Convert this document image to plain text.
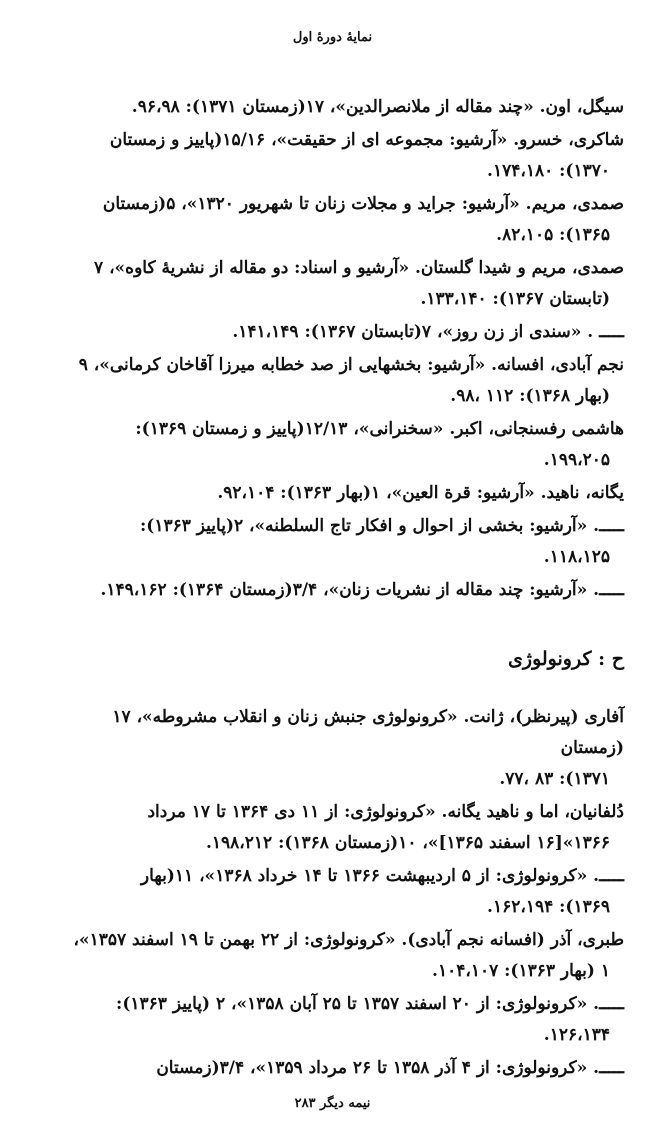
نمایهٔ دورهٔ اول
سیگل، اون. «چند مقاله از ملانصرالدین»، ۱۷(زمستان ۱۳۷۱): ۹۶،۹۸.
شاکری، خسرو. «آرشیو: مجموعه ای از حقیقت»، ۱۵/۱۶(پاییز و زمستان
۱۳۷۰): ۱۷۴،۱۸۰.
صمدی، مریم. «آرشیو: جراید و مجلات زنان تا شهریور ۱۳۲۰»، ۵(زمستان
۱۳۶۵): ۸۲،۱۰۵.
صمدی، مریم و شیدا گلستان. «آرشیو و اسناد: دو مقاله از نشریهٔ کاوه»، ۷
(تابستان ۱۳۶۷): ۱۳۳،۱۴۰.
ـــــ . «سندی از زن روز»، ۷(تابستان ۱۳۶۷): ۱۴۱،۱۴۹.
نجم آبادی، افسانه. «آرشیو: بخشهایی از صد خطابه میرزا آقاخان کرمانی»، ۹
(بهار ۱۳۶۸): ۱۱۲ ،۹۸.
هاشمی رفسنجانی، اکبر. «سخنرانی»، ۱۲/۱۳(پاییز و زمستان ۱۳۶۹):
۱۹۹،۲۰۵.
یگانه، ناهید. «آرشیو: قرة العین»، ۱(بهار ۱۳۶۳): ۹۲،۱۰۴.
ـــــ. «آرشیو: بخشی از احوال و افکار تاج السلطنه»، ۲(پاییز ۱۳۶۳):
۱۱۸،۱۲۵.
ـــــ. «آرشیو: چند مقاله از نشریات زنان»، ۳/۴(زمستان ۱۳۶۴): ۱۴۹،۱۶۲.
ح : کرونولوژی
آفاری (پیرنظر)، ژانت. «کرونولوژی جنبش زنان و انقلاب مشروطه»، ۱۷ (زمستان
۱۳۷۱): ۸۳ ،۷۷.
دُلفانیان، اما و ناهید یگانه. «کرونولوژی: از ۱۱ دی ۱۳۶۴ تا ۱۷ مرداد
۱۳۶۶»[۱۶ اسفند ۱۳۶۵]»، ۱۰(زمستان ۱۳۶۸): ۱۹۸،۲۱۲.
ـــــ. «کرونولوژی: از ۵ اردیبهشت ۱۳۶۶ تا ۱۴ خرداد ۱۳۶۸»، ۱۱(بهار
۱۳۶۹): ۱۶۲،۱۹۴.
طبری، آذر (افسانه نجم آبادی). «کرونولوژی: از ۲۲ بهمن تا ۱۹ اسفند ۱۳۵۷»،
۱ (بهار ۱۳۶۳): ۱۰۴،۱۰۷.
ـــــ. «کرونولوژی: از ۲۰ اسفند ۱۳۵۷ تا ۲۵ آبان ۱۳۵۸»، ۲ (پاییز ۱۳۶۳):
۱۲۶،۱۳۴.
ـــــ. «کرونولوژی: از ۴ آذر ۱۳۵۸ تا ۲۶ مرداد ۱۳۵۹»، ۳/۴(زمستان
نیمه دیگر ۲۸۳
